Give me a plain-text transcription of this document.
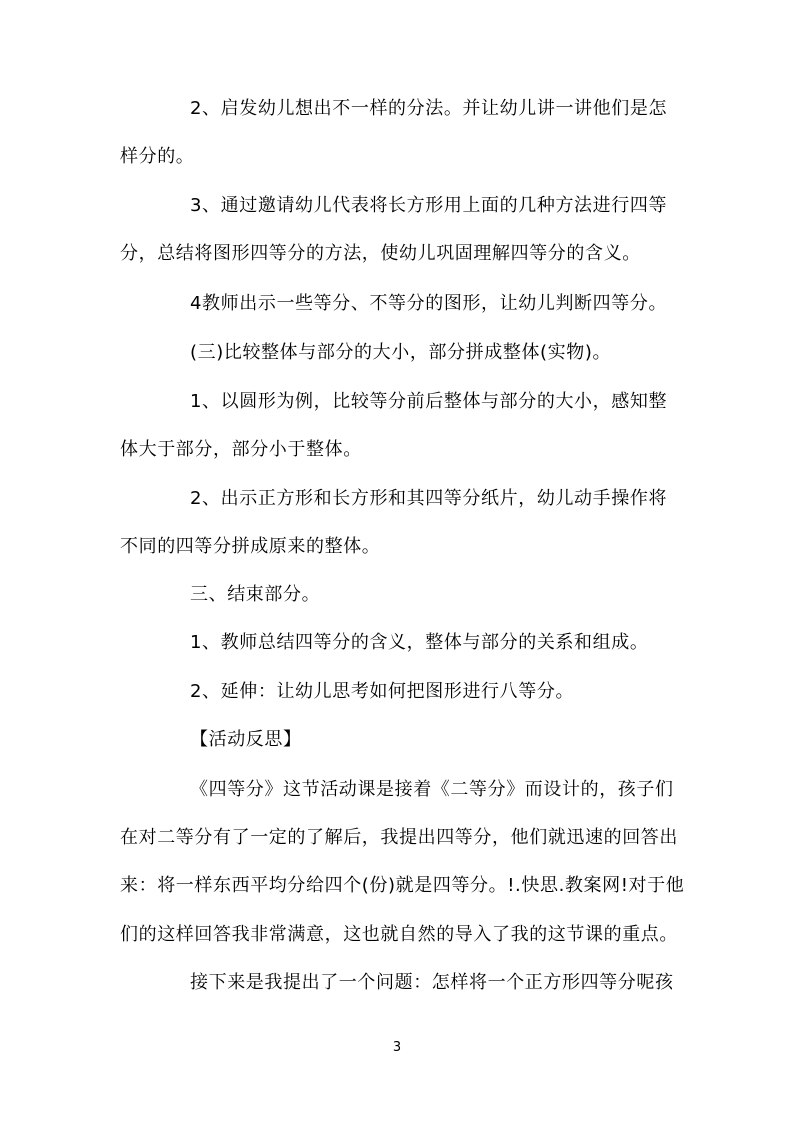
2、启发幼儿想出不一样的分法。并让幼儿讲一讲他们是怎
样分的。
3、通过邀请幼儿代表将长方形用上面的几种方法进行四等
分，总结将图形四等分的方法，使幼儿巩固理解四等分的含义。
4教师出示一些等分、不等分的图形，让幼儿判断四等分。
(三)比较整体与部分的大小，部分拼成整体(实物)。
1、以圆形为例，比较等分前后整体与部分的大小，感知整
体大于部分，部分小于整体。
2、出示正方形和长方形和其四等分纸片，幼儿动手操作将
不同的四等分拼成原来的整体。
三、结束部分。
1、教师总结四等分的含义，整体与部分的关系和组成。
2、延伸：让幼儿思考如何把图形进行八等分。
【活动反思】
《四等分》这节活动课是接着《二等分》而设计的，孩子们
在对二等分有了一定的了解后，我提出四等分，他们就迅速的回答出
来：将一样东西平均分给四个(份)就是四等分。!.快思.教案网!对于他
们的这样回答我非常满意，这也就自然的导入了我的这节课的重点。
接下来是我提出了一个问题：怎样将一个正方形四等分呢孩
3
